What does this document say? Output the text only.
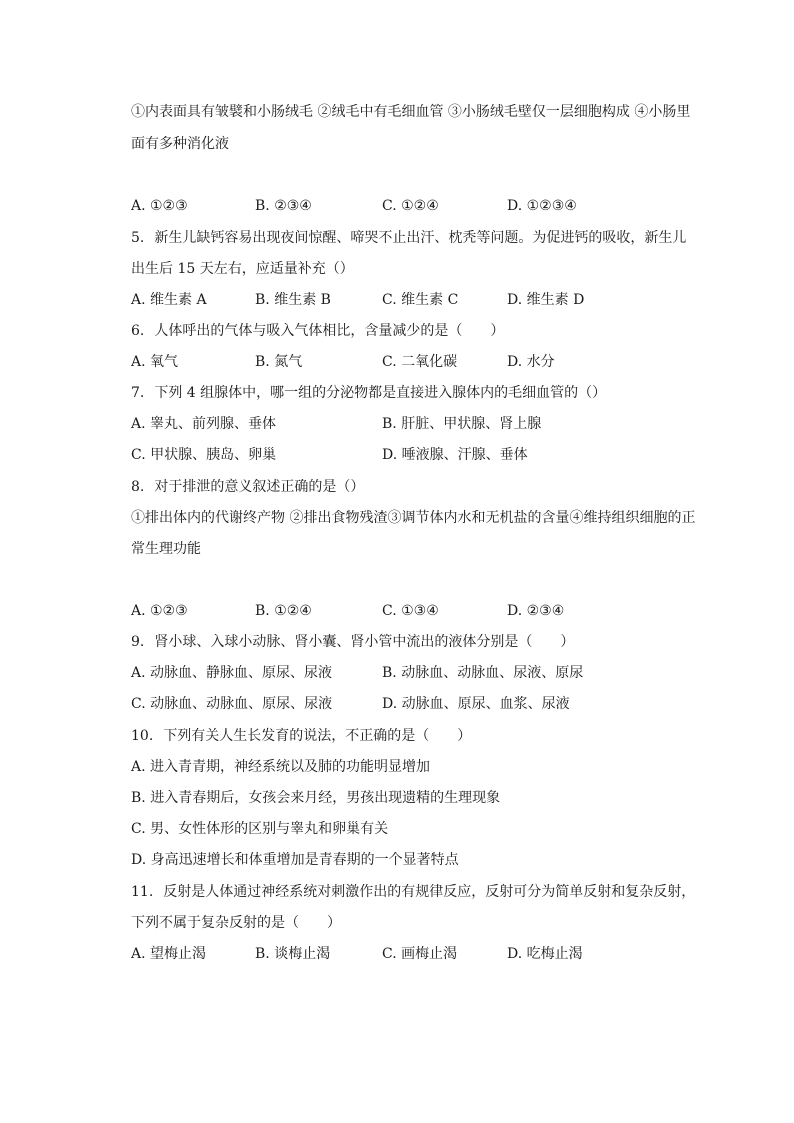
①内表面具有皱襞和小肠绒毛 ②绒毛中有毛细血管 ③小肠绒毛壁仅一层细胞构成 ④小肠里
面有多种消化液
A. ①②③	B. ②③④	C. ①②④	D. ①②③④
5. 新生儿缺钙容易出现夜间惊醒、啼哭不止出汗、枕秃等问题。为促进钙的吸收，新生儿
出生后 15 天左右，应适量补充（）
A. 维生素 A	B. 维生素 B	C. 维生素 C	D. 维生素 D
6. 人体呼出的气体与吸入气体相比，含量减少的是（　　）
A. 氧气	B. 氮气	C. 二氧化碳	D. 水分
7. 下列 4 组腺体中，哪一组的分泌物都是直接进入腺体内的毛细血管的（）
A. 睾丸、前列腺、垂体	B. 肝脏、甲状腺、肾上腺
C. 甲状腺、胰岛、卵巢	D. 唾液腺、汗腺、垂体
8. 对于排泄的意义叙述正确的是（）
①排出体内的代谢终产物 ②排出食物残渣③调节体内水和无机盐的含量④维持组织细胞的正
常生理功能
A. ①②③	B. ①②④	C. ①③④	D. ②③④
9. 肾小球、入球小动脉、肾小囊、肾小管中流出的液体分别是（　　）
A. 动脉血、静脉血、原尿、尿液	B. 动脉血、动脉血、尿液、原尿
C. 动脉血、动脉血、原尿、尿液	D. 动脉血、原尿、血浆、尿液
10. 下列有关人生长发育的说法，不正确的是（　　）
A. 进入青青期，神经系统以及肺的功能明显增加
B. 进入青春期后，女孩会来月经，男孩出现遗精的生理现象
C. 男、女性体形的区别与睾丸和卵巢有关
D. 身高迅速增长和体重增加是青春期的一个显著特点
11. 反射是人体通过神经系统对刺激作出的有规律反应，反射可分为简单反射和复杂反射，
下列不属于复杂反射的是（　　）
A. 望梅止渴	B. 谈梅止渴	C. 画梅止渴	D. 吃梅止渴
